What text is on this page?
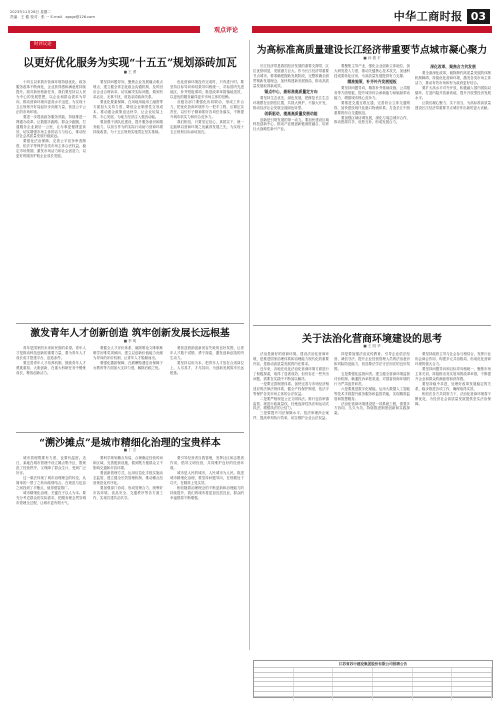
2023年11月28日 星期二
责编：王 健 校对：张 一 E-mail：zgsgz@126.com	中华工商时报 03
观点评论
时评议论
以更好优化服务为实现“十五五”规划添砖加瓦
■ 王 勇

十四五以来我市营商环境持续优化，政务服务改革不断深化，企业获得感和满意度持续提升。面对新形势新任务，我们要坚持以人民为中心的发展思想，以企业和群众需求为导向，推动营商环境向更高水平迈进，为实现十五五规划开好局起好步贡献力量，营造公平公正的市场环境。

要进一步提高政务服务效能，持续推进一网通办改革，让数据多跑路、群众少跑腿，打通服务企业最后一公里，让办事更便捷更高效，切实增强市场主体的活力与信心，推动经济社会高质量发展行稳致远。

要强化法治保障，完善公平竞争审查制度，依法平等保护各类市场主体合法权益，稳定市场预期，激发市场活力和社会创造力，以更好的服务护航企业成长发展。

要坚持问题导向，聚焦企业发展痛点难点堵点，建立健全常态化政企沟通机制，及时回应企业合理诉求，切实解决实际问题，做到有求必应、无事不扰，营造亲清政商关系。

要优化要素保障，在用地用能用工融资等方面加大支持力度，降低企业制度性交易成本，推动惠企政策直达快享，让企业轻装上阵、专心发展，为地方经济注入强劲动能。

要加强干部队伍建设，提升服务意识和服务能力，以担当作为的实际行动助力营商环境持续改善，为十五五规划实施奠定坚实基础。

优化营商环境没有完成时，只有进行时。要坚持目标导向和结果导向相统一，对标国内先进地区，补齐短板弱项，推进改革举措落地见效，以更优的服务赢得更多市场主体的信赖。

各级各部门要强化协同联动，形成工作合力，把优化营商环境作为一把手工程，压紧压实责任，以钉钉子精神抓好各项任务落实，不断提升城市软实力和综合竞争力。

我们相信，只要坚定信心、真抓实干，就一定能够以营商环境之优赢得发展之先，为实现十五五规划目标添砖加瓦。

为高标准高质量建设长江经济带重要节点城市凝心聚力
■ 孙 德 平

长江经济带是我国经济发展的重要支撑带，区位优势明显，发展潜力巨大。作为长江经济带重要节点城市，要准确把握新发展阶段，完整准确全面贯彻新发展理念，加快构建新发展格局，推动高质量发展取得新成效。

锚点中心，高标准高质量定方向

要坚持生态优先、绿色发展，把修复长江生态环境摆在压倒性位置，共抓大保护、不搞大开发，推动经济社会发展全面绿色转型。

创新驱动，提高高质量发展动能

创新是引领发展的第一动力。要加快建设区域科技创新中心，推动产业链创新链深度融合，培育壮大战略性新兴产业。

要聚焦主导产业，强化企业创新主体地位，加大研发投入力度，推动关键核心技术攻关，加速科技成果转化应用，为高质量发展提供有力支撑。

精准施策，补齐补齐发展短板

要坚持问题导向，精准补齐基础设施、公共服务等方面短板，提升城市综合承载能力和辐射带动能力，增强城市核心竞争力。

要推进交通互联互通，完善综合立体交通网络，加快建设现代化港口物流体系，打造长江中游重要的综合交通枢纽。

要加强区域协调发展，深化与周边城市合作，推动资源共享、优势互补，形成发展合力。

深化改革，聚焦合力共发展

要全面深化改革，破除制约高质量发展的体制机制障碍，持续优化营商环境，激发各类市场主体活力，推动有效市场和有为政府更好结合。

要扩大高水平对外开放，积极融入国内国际双循环，打造内陆开放新高地，提升开放型经济发展水平。

让我们凝心聚力、实干担当，为高标准高质量建设长江经济带重要节点城市作出新的更大贡献。

激发青年人才创新创造 筑牢创新发展长远根基
■ 李 明

青年是国家的未来和民族的希望。青年人才是推动科技创新的重要力量，要为青年人才成长成才搭建平台、创造条件。

要完善青年人才培养机制，鼓励青年人才勇挑重担、大胆创新，在重大科研任务中锻炼成长，释放创新活力。

要健全人才评价体系，破除唯论文唯职称唯学历唯奖项倾向，建立以创新价值能力贡献为导向的评价机制，让青年人才脱颖而出。

要强化激励保障，在薪酬待遇住房保障子女教育等方面加大支持力度，解除后顾之忧。

要营造鼓励创新宽容失败的良好氛围，让青年人才敢于试错、勇于探索，激发创新创造的内生动力。

要坚持以用为本，把青年人才放在合适岗位上，人尽其才、才尽其用，为创新发展筑牢长远根基。

关于法治化营商环境建设的思考
■ 王 明 华

法治是最好的营商环境。建设法治化营商环境，是推进国家治理体系和治理能力现代化的重要内容，是推动高质量发展的内在要求。

近年来，各地在优化法治化营商环境方面进行了积极探索，取得了显著成效，但仍存在一些突出问题，需要在实践中不断加以解决。

一是要完善制度体系。加快完善与市场经济相适应的法律法规体系，健全产权保护制度，依法平等保护各类市场主体的合法权益。

二是要严格规范公正文明执法。推行包容审慎监管，规范行政裁量权，杜绝选择性执法和运动式执法，增强执法的公信力。

三是要提升司法保障水平。依法审理涉企案件，提高审判执行效率，切实维护企业合法权益。

四是要加强法治宣传教育。引导企业依法经营、诚信守法，提升企业经营管理人员的法治意识和风险防范能力，营造尊法学法守法用法的良好氛围。

五是要强化监督问责。建立健全营商环境监督评价机制，畅通投诉举报渠道，对损害营商环境的行为严肃追责问责。

六是要推进数字化赋能。运用大数据人工智能等技术手段提升政务服务和监管效能，实现精准监管和智慧服务。

法治化营商环境建设是一项系统工程，需要多方协同、久久为功，持续推进制度创新和实践探索。

要坚持政府主导与社会参与相结合，发挥行业协会商会作用，构建多元共治格局，形成优化营商环境的强大合力。

要坚持问题导向和目标导向相统一，聚焦市场主体关切，持续推出务实管用的改革举措，不断提升企业和群众的满意度和获得感。

要坚持稳中求进，处理好改革发展稳定的关系，稳步推进各项工作，确保取得实效。

相信在各方共同努力下，法治化营商环境将不断优化，为经济社会高质量发展提供坚实法治保障。

“溯沙摊点”是城市精细化治理的宝贵样本
■ 丁 言

城市管理既要有力度，也要有温度。近日，某地在城市管理中设立摊点集中区，既规范了经营秩序，又保障了群众生计，受到广泛好评。

这一做法体现了城市治理理念的转变，从简单的一禁了之转向疏堵结合，在规范与包容之间找到了平衡点，值得借鉴推广。

城市精细化治理，关键在于以人为本。要充分考虑群众的实际需求，把服务理念贯穿城市管理全过程，让城市更有烟火气。

要科学规划摊点布局，合理确定经营时间和区域，完善配套设施，做到既方便群众又不影响交通和市容环境。

要创新管理方式，运用信息化手段实施动态监管，建立健全长效管理机制，推动摊点经营规范化有序化。

要加强部门协同，形成管理合力，统筹好市容环境、食品安全、交通秩序等各方面工作，实现共建共治共享。

要引导经营者自我管理，发挥社区和志愿者作用，倡导文明经营，共同维护良好的经营环境。

城市是人民的城市，人民城市为人民。推进城市精细化治理，要坚持问题导向，在细微处下功夫，在精准上见实效。

相信随着治理理念的不断更新和治理能力的持续提升，我们的城市将更加宜居宜业，群众的幸福感将不断增强。

江苏省苏中建设集团股份有限公司招聘公告
